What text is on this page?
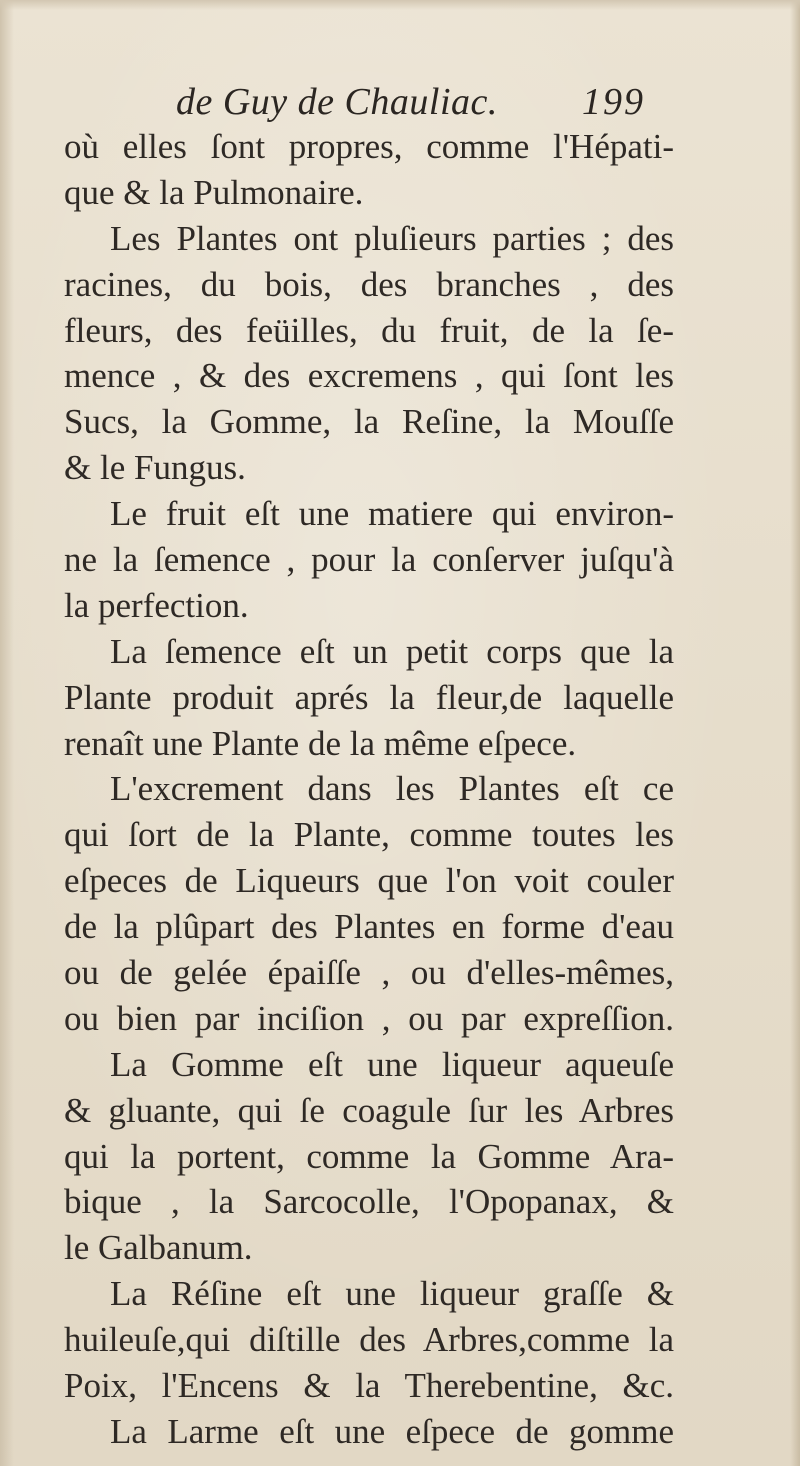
de Guy de Chauliac. 199
où elles ſont propres, comme l'Hépati-
que & la Pulmonaire.
Les Plantes ont pluſieurs parties ; des
racines, du bois, des branches , des
fleurs, des feüilles, du fruit, de la ſe-
mence , & des excremens , qui ſont les
Sucs, la Gomme, la Reſine, la Mouſſe
& le Fungus.
Le fruit eſt une matiere qui environ-
ne la ſemence , pour la conſerver juſqu'à
la perfection.
La ſemence eſt un petit corps que la
Plante produit aprés la fleur,de laquelle
renaît une Plante de la même eſpece.
L'excrement dans les Plantes eſt ce
qui ſort de la Plante, comme toutes les
eſpeces de Liqueurs que l'on voit couler
de la plûpart des Plantes en forme d'eau
ou de gelée épaiſſe , ou d'elles-mêmes,
ou bien par inciſion , ou par expreſſion.
La Gomme eſt une liqueur aqueuſe
& gluante, qui ſe coagule ſur les Arbres
qui la portent, comme la Gomme Ara-
bique , la Sarcocolle, l'Opopanax, &
le Galbanum.
La Réſine eſt une liqueur graſſe &
huileuſe,qui diſtille des Arbres,comme la
Poix, l'Encens & la Therebentine, &c.
La Larme eſt une eſpece de gomme
